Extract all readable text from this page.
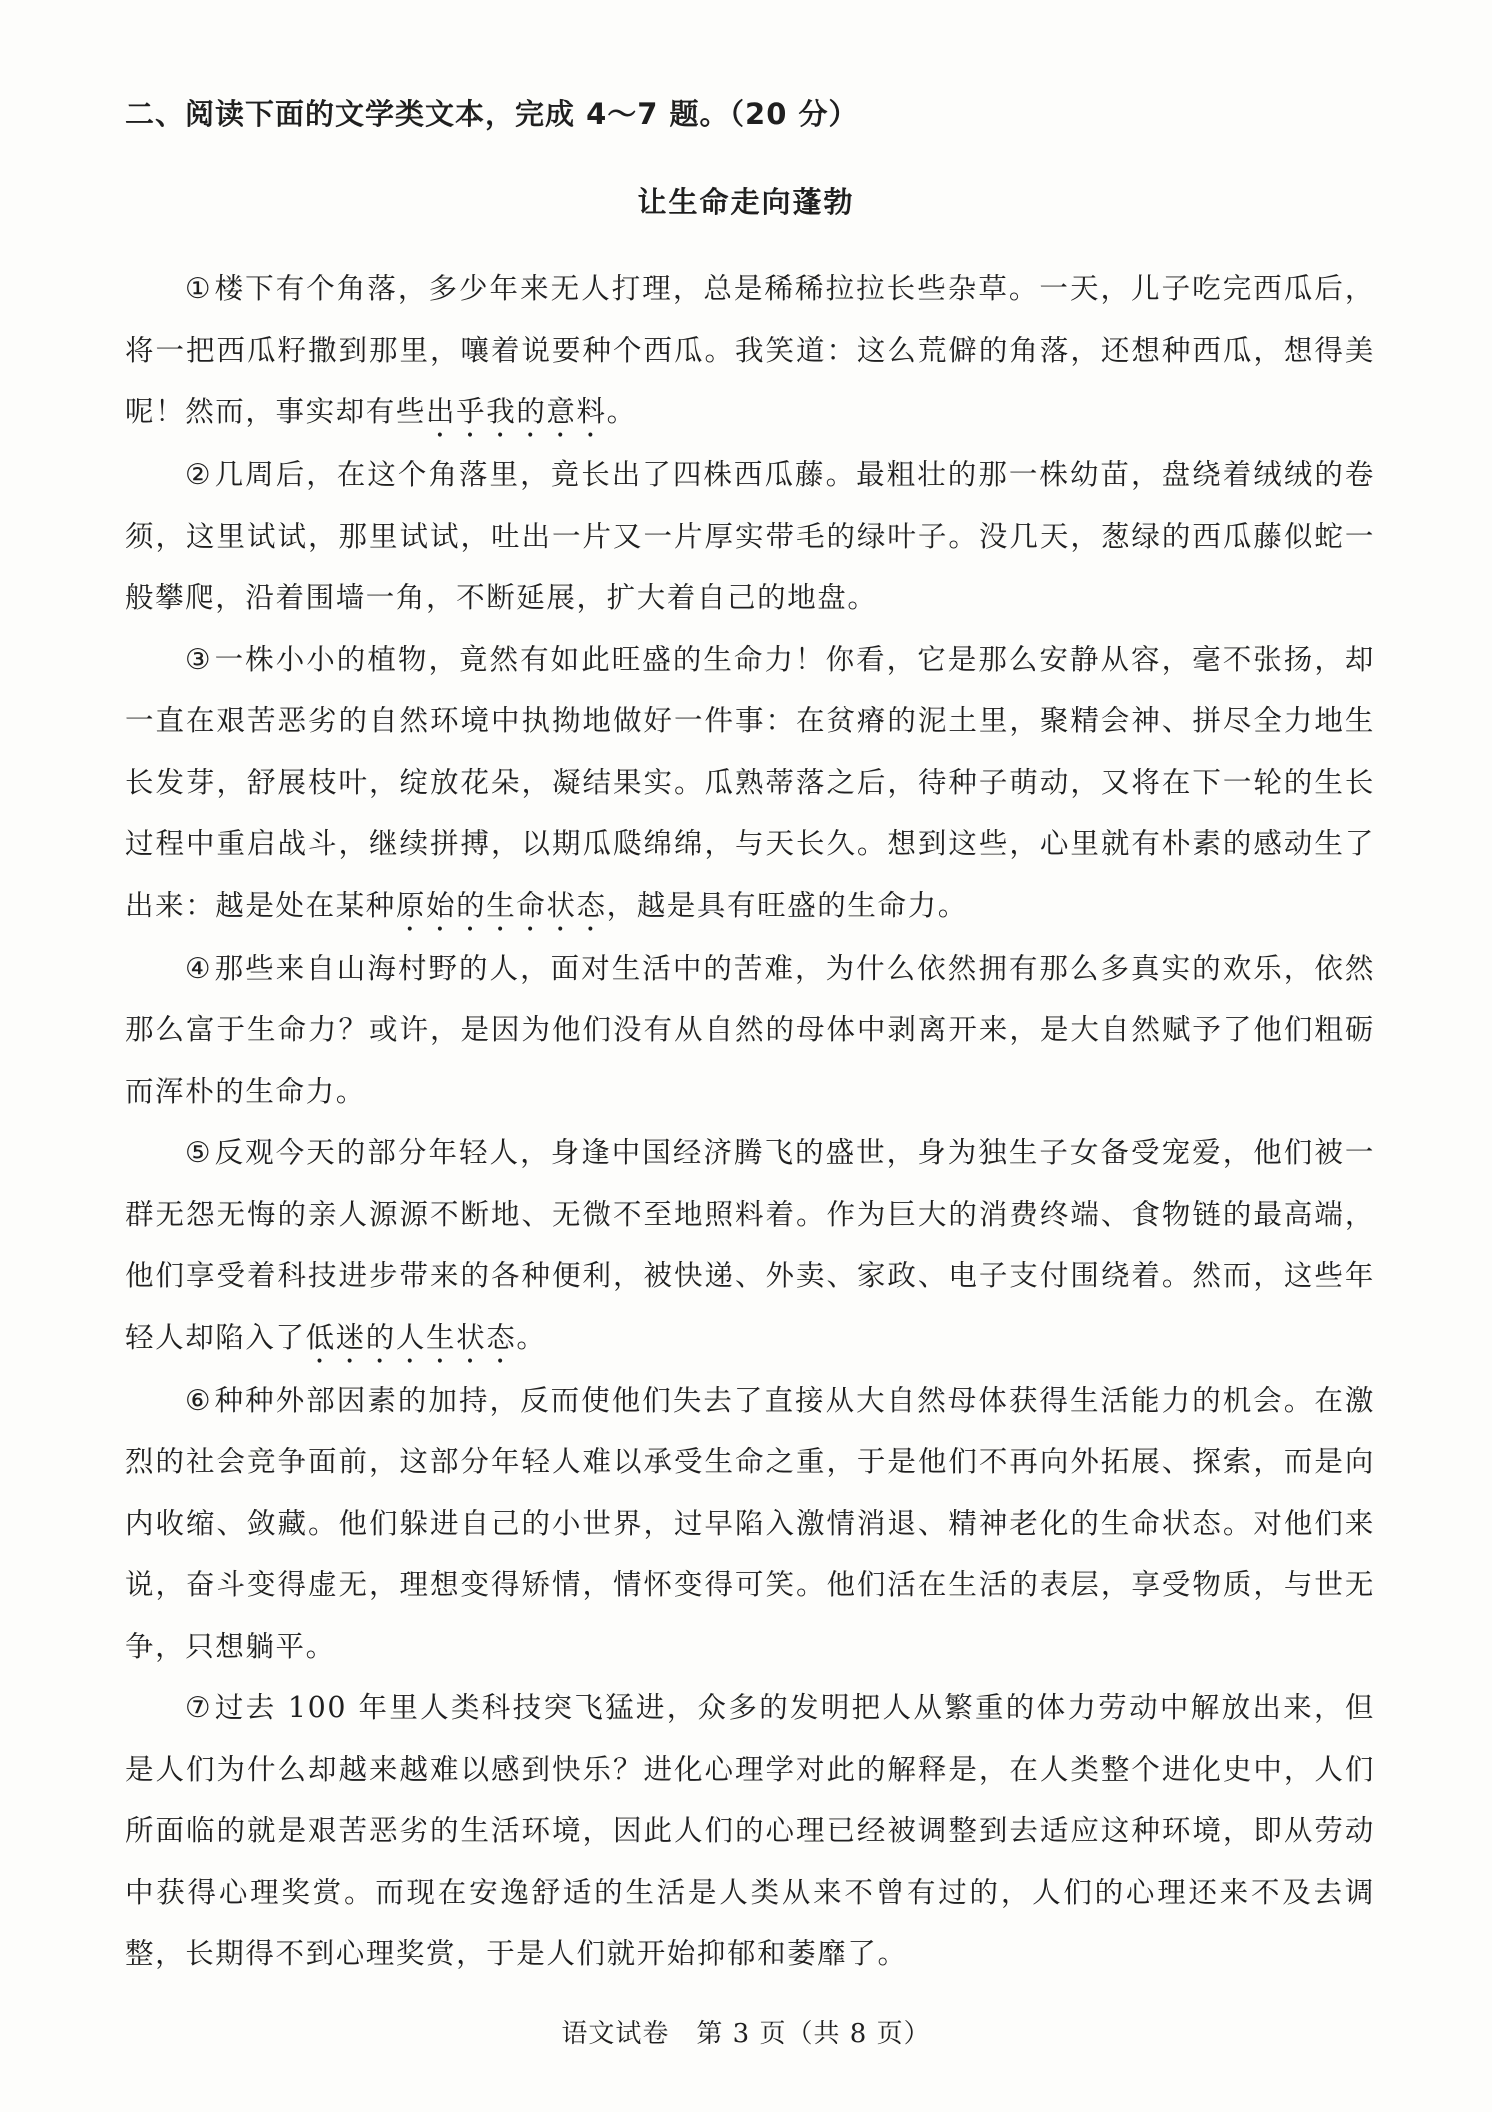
二、阅读下面的文学类文本，完成 4～7 题。（20 分）
让生命走向蓬勃

①楼下有个角落，多少年来无人打理，总是稀稀拉拉长些杂草。一天，儿子吃完西瓜后，将一把西瓜籽撒到那里，嚷着说要种个西瓜。我笑道：这么荒僻的角落，还想种西瓜，想得美呢！然而，事实却有些出乎我的意料。

②几周后，在这个角落里，竟长出了四株西瓜藤。最粗壮的那一株幼苗，盘绕着绒绒的卷须，这里试试，那里试试，吐出一片又一片厚实带毛的绿叶子。没几天，葱绿的西瓜藤似蛇一般攀爬，沿着围墙一角，不断延展，扩大着自己的地盘。

③一株小小的植物，竟然有如此旺盛的生命力！你看，它是那么安静从容，毫不张扬，却一直在艰苦恶劣的自然环境中执拗地做好一件事：在贫瘠的泥土里，聚精会神、拼尽全力地生长发芽，舒展枝叶，绽放花朵，凝结果实。瓜熟蒂落之后，待种子萌动，又将在下一轮的生长过程中重启战斗，继续拼搏，以期瓜瓞绵绵，与天长久。想到这些，心里就有朴素的感动生了出来：越是处在某种原始的生命状态，越是具有旺盛的生命力。

④那些来自山海村野的人，面对生活中的苦难，为什么依然拥有那么多真实的欢乐，依然那么富于生命力？或许，是因为他们没有从自然的母体中剥离开来，是大自然赋予了他们粗砺而浑朴的生命力。

⑤反观今天的部分年轻人，身逢中国经济腾飞的盛世，身为独生子女备受宠爱，他们被一群无怨无悔的亲人源源不断地、无微不至地照料着。作为巨大的消费终端、食物链的最高端，他们享受着科技进步带来的各种便利，被快递、外卖、家政、电子支付围绕着。然而，这些年轻人却陷入了低迷的人生状态。

⑥种种外部因素的加持，反而使他们失去了直接从大自然母体获得生活能力的机会。在激烈的社会竞争面前，这部分年轻人难以承受生命之重，于是他们不再向外拓展、探索，而是向内收缩、敛藏。他们躲进自己的小世界，过早陷入激情消退、精神老化的生命状态。对他们来说，奋斗变得虚无，理想变得矫情，情怀变得可笑。他们活在生活的表层，享受物质，与世无争，只想躺平。

⑦过去 100 年里人类科技突飞猛进，众多的发明把人从繁重的体力劳动中解放出来，但是人们为什么却越来越难以感到快乐？进化心理学对此的解释是，在人类整个进化史中，人们所面临的就是艰苦恶劣的生活环境，因此人们的心理已经被调整到去适应这种环境，即从劳动中获得心理奖赏。而现在安逸舒适的生活是人类从来不曾有过的，人们的心理还来不及去调整，长期得不到心理奖赏，于是人们就开始抑郁和萎靡了。

语文试卷　第 3 页（共 8 页）
